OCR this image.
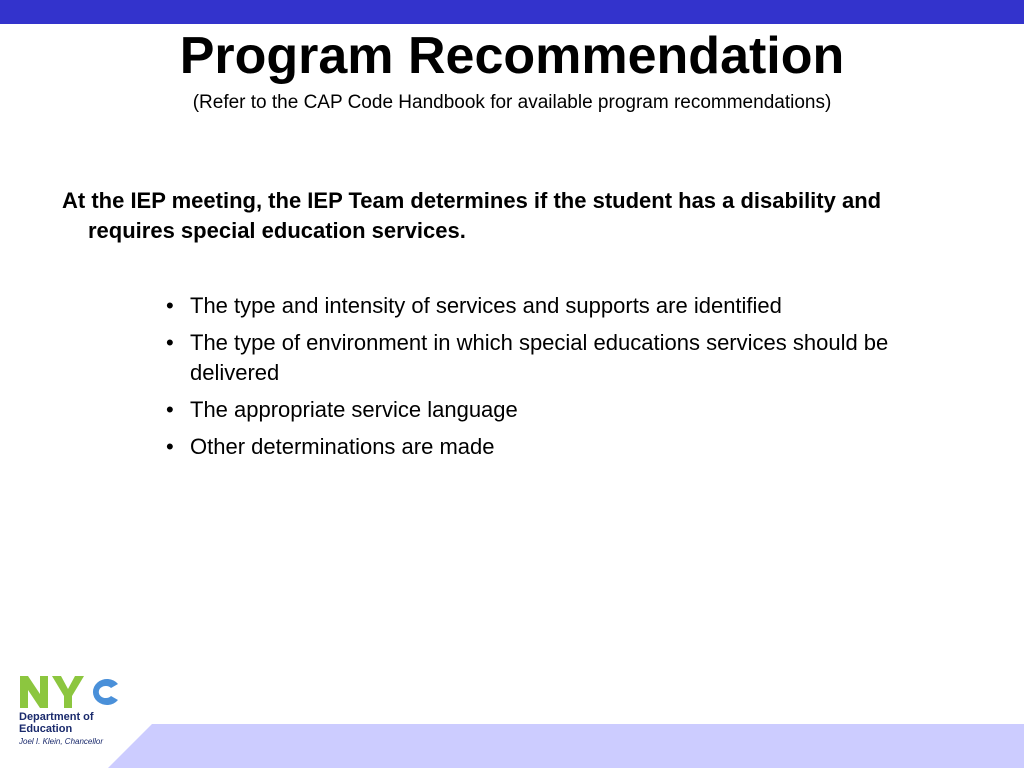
Program Recommendation
(Refer to the CAP Code Handbook for available program recommendations)
At the IEP meeting, the IEP Team determines if the student has a disability and requires special education services.
• The type and intensity of services and supports are identified
• The type of environment in which special educations services should be delivered
• The appropriate service language
• Other determinations are made
Department of
Education
Joel I. Klein, Chancellor
